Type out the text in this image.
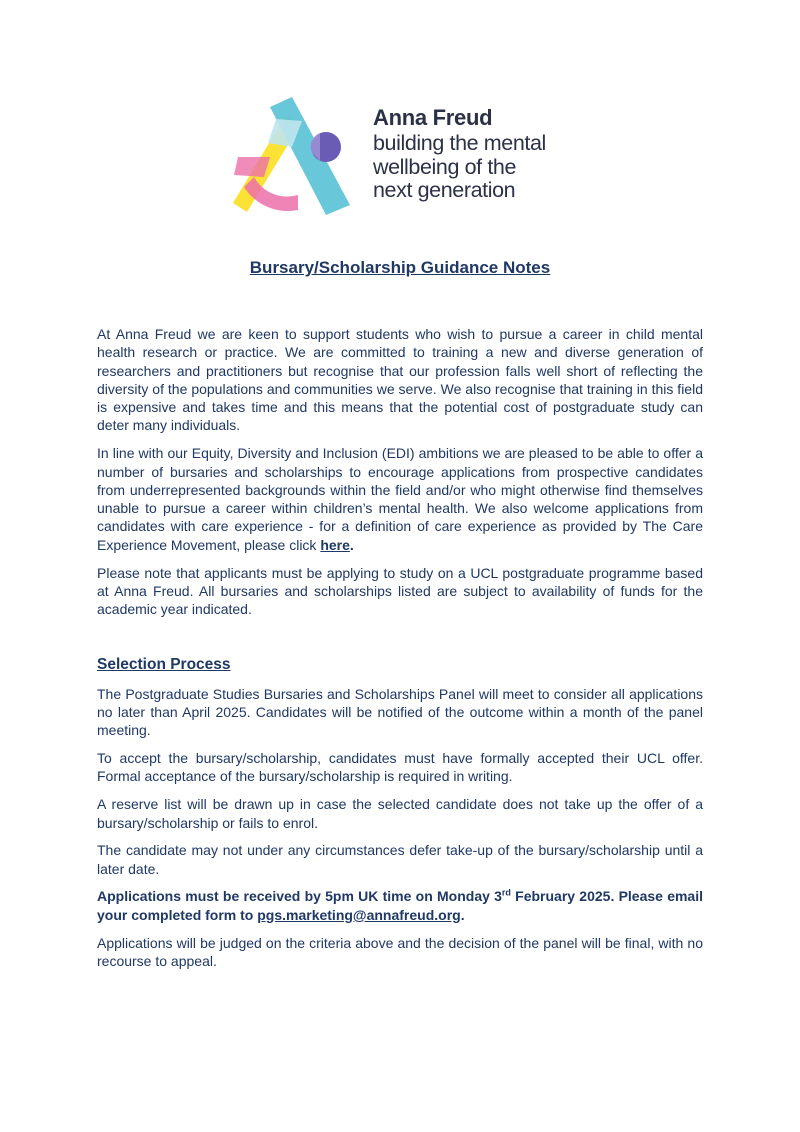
Anna Freud
building the mental
wellbeing of the
next generation
Bursary/Scholarship Guidance Notes

At Anna Freud we are keen to support students who wish to pursue a career in child mental health research or practice. We are committed to training a new and diverse generation of researchers and practitioners but recognise that our profession falls well short of reflecting the diversity of the populations and communities we serve. We also recognise that training in this field is expensive and takes time and this means that the potential cost of postgraduate study can deter many individuals.

In line with our Equity, Diversity and Inclusion (EDI) ambitions we are pleased to be able to offer a number of bursaries and scholarships to encourage applications from prospective candidates from underrepresented backgrounds within the field and/or who might otherwise find themselves unable to pursue a career within children’s mental health. We also welcome applications from candidates with care experience - for a definition of care experience as provided by The Care Experience Movement, please click here.

Please note that applicants must be applying to study on a UCL postgraduate programme based at Anna Freud. All bursaries and scholarships listed are subject to availability of funds for the academic year indicated.

Selection Process

The Postgraduate Studies Bursaries and Scholarships Panel will meet to consider all applications no later than April 2025. Candidates will be notified of the outcome within a month of the panel meeting.

To accept the bursary/scholarship, candidates must have formally accepted their UCL offer. Formal acceptance of the bursary/scholarship is required in writing.

A reserve list will be drawn up in case the selected candidate does not take up the offer of a bursary/scholarship or fails to enrol.

The candidate may not under any circumstances defer take-up of the bursary/scholarship until a later date.

Applications must be received by 5pm UK time on Monday 3rd February 2025. Please email your completed form to pgs.marketing@annafreud.org.

Applications will be judged on the criteria above and the decision of the panel will be final, with no recourse to appeal.
